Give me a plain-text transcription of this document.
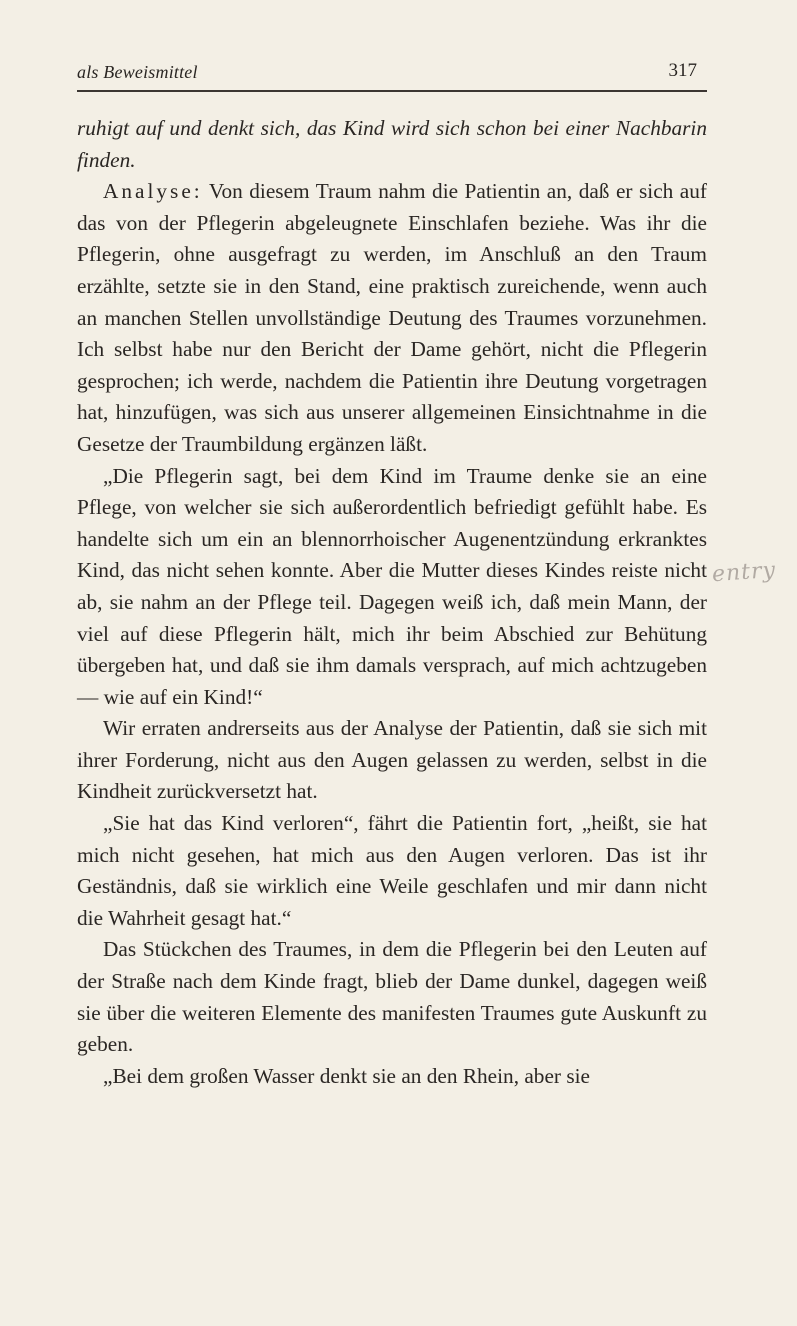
als Beweismittel	317

ruhigt auf und denkt sich, das Kind wird sich schon bei einer Nachbarin finden.

Analyse: Von diesem Traum nahm die Patientin an, daß er sich auf das von der Pflegerin abgeleugnete Einschlafen beziehe. Was ihr die Pflegerin, ohne ausgefragt zu werden, im Anschluß an den Traum erzählte, setzte sie in den Stand, eine praktisch zureichende, wenn auch an manchen Stellen unvollständige Deutung des Traumes vorzunehmen. Ich selbst habe nur den Bericht der Dame gehört, nicht die Pflegerin gesprochen; ich werde, nachdem die Patientin ihre Deutung vorgetragen hat, hinzufügen, was sich aus unserer allgemeinen Einsichtnahme in die Gesetze der Traumbildung ergänzen läßt.

„Die Pflegerin sagt, bei dem Kind im Traume denke sie an eine Pflege, von welcher sie sich außerordentlich befriedigt gefühlt habe. Es handelte sich um ein an blennorrhoischer Augenentzündung erkranktes Kind, das nicht sehen konnte. Aber die Mutter dieses Kindes reiste nicht ab, sie nahm an der Pflege teil. Dagegen weiß ich, daß mein Mann, der viel auf diese Pflegerin hält, mich ihr beim Abschied zur Behütung übergeben hat, und daß sie ihm damals versprach, auf mich achtzugeben — wie auf ein Kind!“

Wir erraten andrerseits aus der Analyse der Patientin, daß sie sich mit ihrer Forderung, nicht aus den Augen gelassen zu werden, selbst in die Kindheit zurückversetzt hat.

„Sie hat das Kind verloren“, fährt die Patientin fort, „heißt, sie hat mich nicht gesehen, hat mich aus den Augen verloren. Das ist ihr Geständnis, daß sie wirklich eine Weile geschlafen und mir dann nicht die Wahrheit gesagt hat.“

Das Stückchen des Traumes, in dem die Pflegerin bei den Leuten auf der Straße nach dem Kinde fragt, blieb der Dame dunkel, dagegen weiß sie über die weiteren Elemente des manifesten Traumes gute Auskunft zu geben.

„Bei dem großen Wasser denkt sie an den Rhein, aber sie

entry
